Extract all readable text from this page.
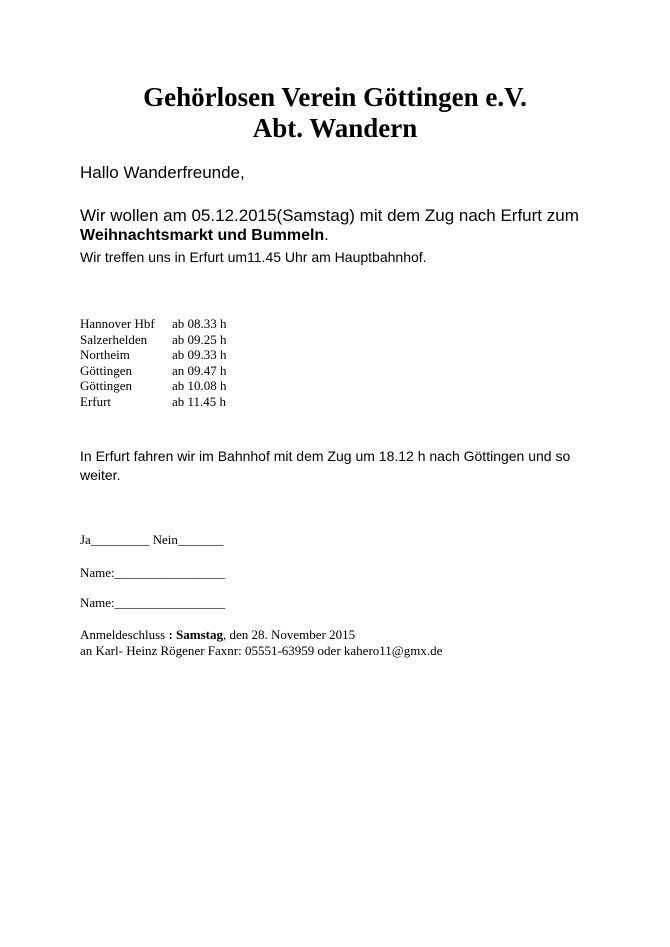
Gehörlosen Verein Göttingen e.V.
Abt. Wandern

Hallo Wanderfreunde,

Wir wollen am 05.12.2015(Samstag) mit dem Zug nach Erfurt zum

Weihnachtsmarkt und Bummeln.

Wir treffen uns in Erfurt um11.45 Uhr am Hauptbahnhof.

Hannover Hbf ab 08.33 h
Salzerhelden ab 09.25 h
Northeim	ab 09.33 h
Göttingen	an 09.47 h
Göttingen	ab 10.08 h
Erfurt	ab 11.45 h

In Erfurt fahren wir im Bahnhof mit dem Zug um 18.12 h nach Göttingen und so

weiter.

Ja_________ Nein_______

Name:_________________

Name:_________________

Anmeldeschluss : Samstag, den 28. November 2015

an Karl- Heinz Rögener Faxnr: 05551-63959 oder kahero11@gmx.de
